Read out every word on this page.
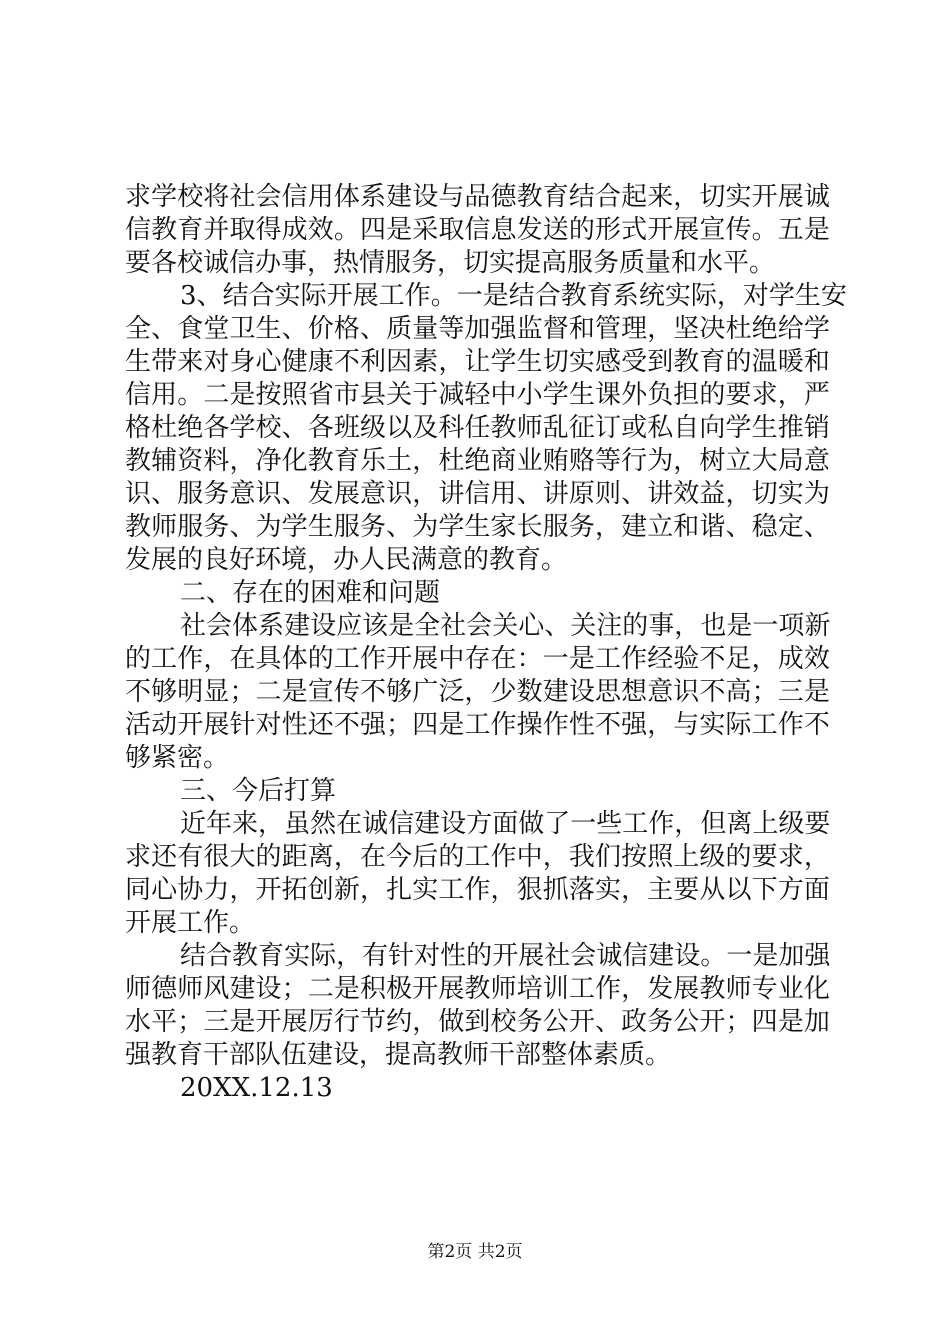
求 学 校 将 社 会 信 用 体 系 建 设 与 品 德 教 育 结 合 起 来 ， 切 实 开 展 诚
信 教 育 并 取 得 成 效 。 四 是 采 取 信 息 发 送 的 形 式 开 展 宣 传 。 五 是
要各校诚信办事，热情服务，切实提高服务质量和水平。
3 、 结 合 实 际 开 展 工 作 。 一 是 结 合 教 育 系 统 实 际 ， 对 学 生 安
全 、 食 堂 卫 生 、 价 格 、 质 量 等 加 强 监 督 和 管 理 ， 坚 决 杜 绝 给 学
生 带 来 对 身 心 健 康 不 利 因 素 ， 让 学 生 切 实 感 受 到 教 育 的 温 暖 和
信 用 。 二 是 按 照 省 市 县 关 于 减 轻 中 小 学 生 课 外 负 担 的 要 求 ， 严
格 杜 绝 各 学 校 、 各 班 级 以 及 科 任 教 师 乱 征 订 或 私 自 向 学 生 推 销
教 辅 资 料 ， 净 化 教 育 乐 土 ， 杜 绝 商 业 贿 赂 等 行 为 ， 树 立 大 局 意
识 、 服 务 意 识 、 发 展 意 识 ， 讲 信 用 、 讲 原 则 、 讲 效 益 ， 切 实 为
教 师 服 务 、 为 学 生 服 务 、 为 学 生 家 长 服 务 ， 建 立 和 谐 、 稳 定 、
发展的良好环境，办人民满意的教育。
二、存在的困难和问题
社 会 体 系 建 设 应 该 是 全 社 会 关 心 、 关 注 的 事 ， 也 是 一 项 新
的 工 作 ， 在 具 体 的 工 作 开 展 中 存 在 ： 一 是 工 作 经 验 不 足 ， 成 效
不 够 明 显 ； 二 是 宣 传 不 够 广 泛 ， 少 数 建 设 思 想 意 识 不 高 ； 三 是
活 动 开 展 针 对 性 还 不 强 ； 四 是 工 作 操 作 性 不 强 ， 与 实 际 工 作 不
够紧密。
三、今后打算
近 年 来 ， 虽 然 在 诚 信 建 设 方 面 做 了 一 些 工 作 ， 但 离 上 级 要
求 还 有 很 大 的 距 离 ， 在 今 后 的 工 作 中 ， 我 们 按 照 上 级 的 要 求 ，
同 心 协 力 ， 开 拓 创 新 ， 扎 实 工 作 ， 狠 抓 落 实 ， 主 要 从 以 下 方 面
开展工作。
结 合 教 育 实 际 ， 有 针 对 性 的 开 展 社 会 诚 信 建 设 。 一 是 加 强
师 德 师 风 建 设 ； 二 是 积 极 开 展 教 师 培 训 工 作 ， 发 展 教 师 专 业 化
水 平 ； 三 是 开 展 厉 行 节 约 ， 做 到 校 务 公 开 、 政 务 公 开 ； 四 是 加
强教育干部队伍建设，提高教师干部整体素质。
20XX.12.13
第2页 共2页
